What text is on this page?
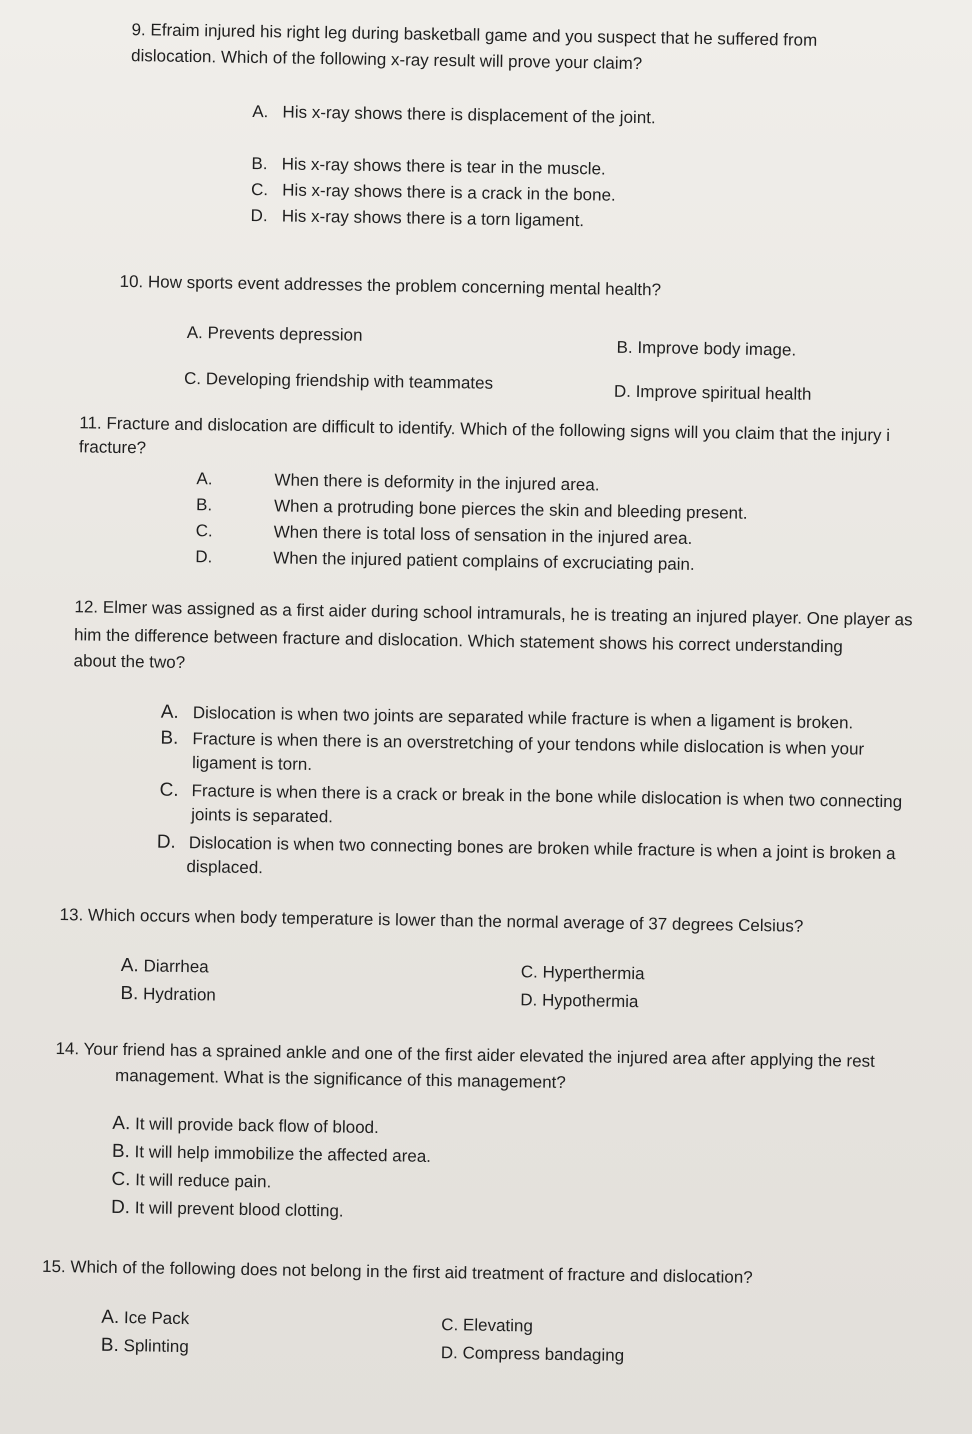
9. Efraim injured his right leg during basketball game and you suspect that he suffered from
dislocation. Which of the following x-ray result will prove your claim?
A. His x-ray shows there is displacement of the joint.
B. His x-ray shows there is tear in the muscle.
C. His x-ray shows there is a crack in the bone.
D. His x-ray shows there is a torn ligament.
10. How sports event addresses the problem concerning mental health?
A. Prevents depression
B. Improve body image.
C. Developing friendship with teammates	D. Improve spiritual health
11. Fracture and dislocation are difficult to identify. Which of the following signs will you claim that the injury i
fracture?
A.	When there is deformity in the injured area.
B.	When a protruding bone pierces the skin and bleeding present.
C.	When there is total loss of sensation in the injured area.
D.	When the injured patient complains of excruciating pain.
12. Elmer was assigned as a first aider during school intramurals, he is treating an injured player. One player as
him the difference between fracture and dislocation. Which statement shows his correct understanding
about the two?
A. Dislocation is when two joints are separated while fracture is when a ligament is broken.
B. Fracture is when there is an overstretching of your tendons while dislocation is when your
ligament is torn.
C. Fracture is when there is a crack or break in the bone while dislocation is when two connecting
joints is separated.
D. Dislocation is when two connecting bones are broken while fracture is when a joint is broken a
displaced.
13. Which occurs when body temperature is lower than the normal average of 37 degrees Celsius?
A. Diarrhea
B. Hydration
C. Hyperthermia
D. Hypothermia
14. Your friend has a sprained ankle and one of the first aider elevated the injured area after applying the rest
management. What is the significance of this management?
A. It will provide back flow of blood.
B. It will help immobilize the affected area.
C. It will reduce pain.
D. It will prevent blood clotting.
15. Which of the following does not belong in the first aid treatment of fracture and dislocation?
A. Ice Pack
B. Splinting
C. Elevating
D. Compress bandaging
